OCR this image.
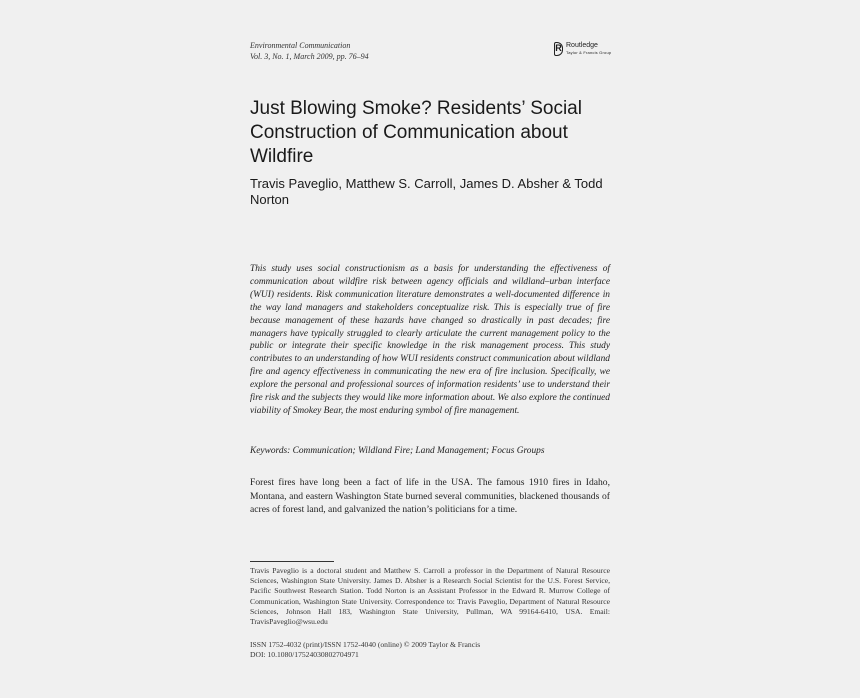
Environmental Communication
Vol. 3, No. 1, March 2009, pp. 76–94
R Routledge
Taylor & Francis Group
Just Blowing Smoke? Residents’ Social Construction of Communication about Wildfire
Travis Paveglio, Matthew S. Carroll, James D. Absher & Todd Norton
This study uses social constructionism as a basis for understanding the effectiveness of communication about wildfire risk between agency officials and wildland–urban interface (WUI) residents. Risk communication literature demonstrates a well-documented difference in the way land managers and stakeholders conceptualize risk. This is especially true of fire because management of these hazards have changed so drastically in past decades; fire managers have typically struggled to clearly articulate the current management policy to the public or integrate their specific knowledge in the risk management process. This study contributes to an understanding of how WUI residents construct communication about wildland fire and agency effectiveness in communicating the new era of fire inclusion. Specifically, we explore the personal and professional sources of information residents’ use to understand their fire risk and the subjects they would like more information about. We also explore the continued viability of Smokey Bear, the most enduring symbol of fire management.
Keywords: Communication; Wildland Fire; Land Management; Focus Groups
Forest fires have long been a fact of life in the USA. The famous 1910 fires in Idaho, Montana, and eastern Washington State burned several communities, blackened thousands of acres of forest land, and galvanized the nation’s politicians for a time.
Travis Paveglio is a doctoral student and Matthew S. Carroll a professor in the Department of Natural Resource Sciences, Washington State University. James D. Absher is a Research Social Scientist for the U.S. Forest Service, Pacific Southwest Research Station. Todd Norton is an Assistant Professor in the Edward R. Murrow College of Communication, Washington State University. Correspondence to: Travis Paveglio, Department of Natural Resource Sciences, Johnson Hall 183, Washington State University, Pullman, WA 99164-6410, USA. Email: TravisPaveglio@wsu.edu
ISSN 1752-4032 (print)/ISSN 1752-4040 (online) © 2009 Taylor & Francis
DOI: 10.1080/17524030802704971
